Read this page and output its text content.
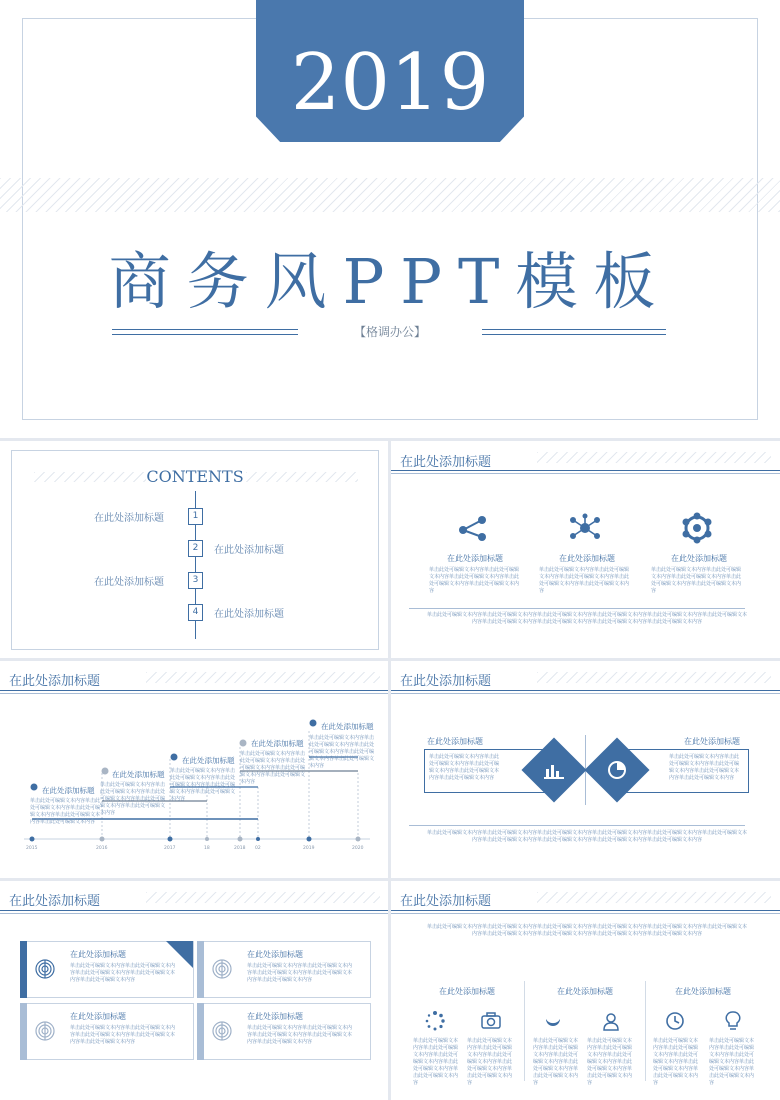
2019
商务风PPT模板
【格调办公】
CONTENTS
在此处添加标题	1
2	在此处添加标题
在此处添加标题	3
4	在此处添加标题
在此处添加标题
在此处添加标题	在此处添加标题	在此处添加标题
单击此处可编辑文本内容单击此处可编辑文本内容单击此处可编辑文本内容单击此处可编辑文本内容单击此处可编辑文本内容
单击此处可编辑文本内容单击此处可编辑文本内容单击此处可编辑文本内容单击此处可编辑文本内容单击此处可编辑文本内容
单击此处可编辑文本内容单击此处可编辑文本内容单击此处可编辑文本内容单击此处可编辑文本内容单击此处可编辑文本内容
单击此处可编辑文本内容单击此处可编辑文本内容单击此处可编辑文本内容单击此处可编辑文本内容单击此处可编辑文本内容单击此处可编辑文本内容单击此处可编辑文本内容单击此处可编辑文本内容单击此处可编辑文本内容单击此处可编辑文本内容
在此处添加标题
在此处添加标题
单击此处可编辑文本内容单击此处可编辑文本内容单击此处可编辑文本内容单击此处可编辑文本内容单击此处可编辑文本内容
在此处添加标题
单击此处可编辑文本内容单击此处可编辑文本内容单击此处可编辑文本内容单击此处可编辑文本内容单击此处可编辑文本内容
在此处添加标题
单击此处可编辑文本内容单击此处可编辑文本内容单击此处可编辑文本内容单击此处可编辑文本内容单击此处可编辑文本内容
在此处添加标题
单击此处可编辑文本内容单击此处可编辑文本内容单击此处可编辑文本内容单击此处可编辑文本内容单击此处可编辑文本内容
在此处添加标题
单击此处可编辑文本内容单击此处可编辑文本内容单击此处可编辑文本内容单击此处可编辑文本内容单击此处可编辑文本内容
2015	2016	2017	18	2018 02	2019	2020
在此处添加标题
在此处添加标题
单击此处可编辑文本内容单击此处可编辑文本内容单击此处可编辑文本内容单击此处可编辑文本内容单击此处可编辑文本内容
在此处添加标题
单击此处可编辑文本内容单击此处可编辑文本内容单击此处可编辑文本内容单击此处可编辑文本内容单击此处可编辑文本内容
单击此处可编辑文本内容单击此处可编辑文本内容单击此处可编辑文本内容单击此处可编辑文本内容单击此处可编辑文本内容单击此处可编辑文本内容单击此处可编辑文本内容单击此处可编辑文本内容单击此处可编辑文本内容单击此处可编辑文本内容
在此处添加标题
在此处添加标题
单击此处可编辑文本内容单击此处可编辑文本内容单击此处可编辑文本内容单击此处可编辑文本内容单击此处可编辑文本内容
在此处添加标题
单击此处可编辑文本内容单击此处可编辑文本内容单击此处可编辑文本内容单击此处可编辑文本内容单击此处可编辑文本内容
在此处添加标题
单击此处可编辑文本内容单击此处可编辑文本内容单击此处可编辑文本内容单击此处可编辑文本内容单击此处可编辑文本内容
在此处添加标题
单击此处可编辑文本内容单击此处可编辑文本内容单击此处可编辑文本内容单击此处可编辑文本内容单击此处可编辑文本内容
在此处添加标题
单击此处可编辑文本内容单击此处可编辑文本内容单击此处可编辑文本内容单击此处可编辑文本内容单击此处可编辑文本内容单击此处可编辑文本内容单击此处可编辑文本内容单击此处可编辑文本内容单击此处可编辑文本内容单击此处可编辑文本内容
在此处添加标题	在此处添加标题	在此处添加标题
单击此处可编辑文本内容单击此处可编辑文本内容单击此处可编辑文本内容单击此处可编辑文本内容单击此处可编辑文本内容
单击此处可编辑文本内容单击此处可编辑文本内容单击此处可编辑文本内容单击此处可编辑文本内容单击此处可编辑文本内容
单击此处可编辑文本内容单击此处可编辑文本内容单击此处可编辑文本内容单击此处可编辑文本内容单击此处可编辑文本内容
单击此处可编辑文本内容单击此处可编辑文本内容单击此处可编辑文本内容单击此处可编辑文本内容单击此处可编辑文本内容
单击此处可编辑文本内容单击此处可编辑文本内容单击此处可编辑文本内容单击此处可编辑文本内容单击此处可编辑文本内容
单击此处可编辑文本内容单击此处可编辑文本内容单击此处可编辑文本内容单击此处可编辑文本内容单击此处可编辑文本内容
